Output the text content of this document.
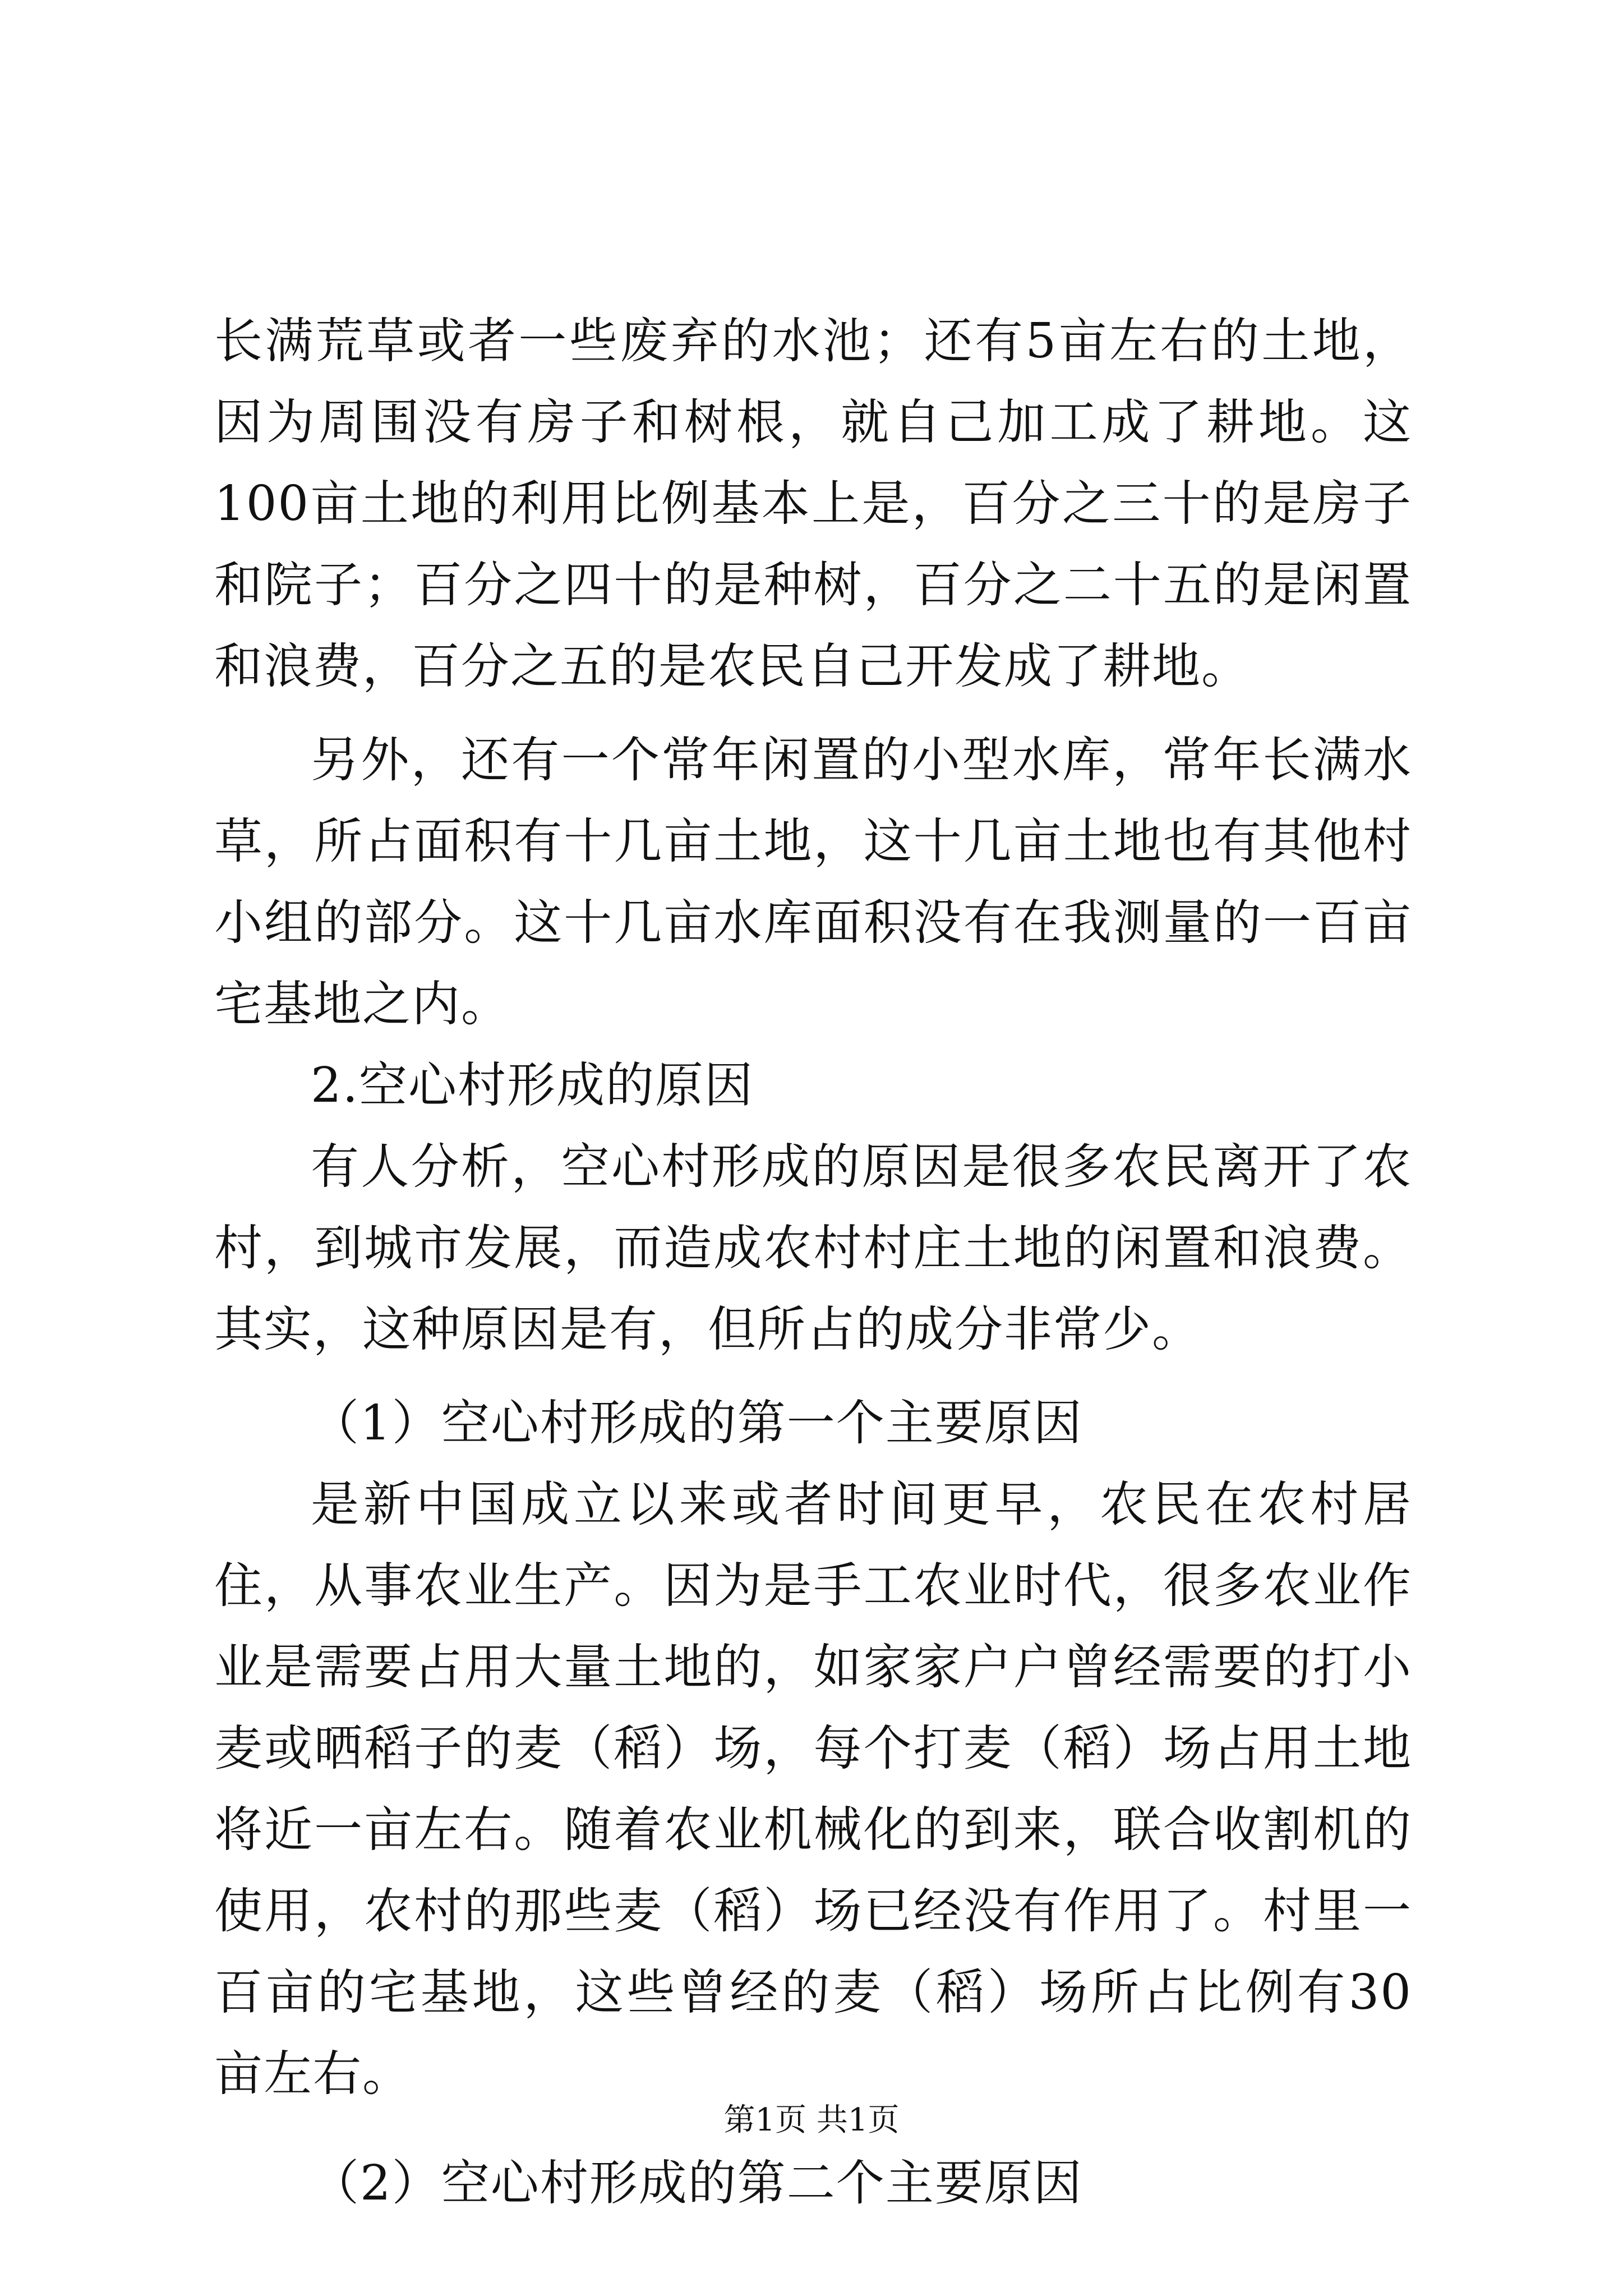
长满荒草或者一些废弃的水池；还有5亩左右的土地，因为周围没有房子和树根，就自己加工成了耕地。这100亩土地的利用比例基本上是，百分之三十的是房子和院子；百分之四十的是种树，百分之二十五的是闲置和浪费，百分之五的是农民自己开发成了耕地。

另外，还有一个常年闲置的小型水库，常年长满水草，所占面积有十几亩土地，这十几亩土地也有其他村小组的部分。这十几亩水库面积没有在我测量的一百亩宅基地之内。

2.空心村形成的原因

有人分析，空心村形成的原因是很多农民离开了农村，到城市发展，而造成农村村庄土地的闲置和浪费。其实，这种原因是有，但所占的成分非常少。

（1）空心村形成的第一个主要原因

是新中国成立以来或者时间更早，农民在农村居住，从事农业生产。因为是手工农业时代，很多农业作业是需要占用大量土地的，如家家户户曾经需要的打小麦或晒稻子的麦（稻）场，每个打麦（稻）场占用土地将近一亩左右。随着农业机械化的到来，联合收割机的使用，农村的那些麦（稻）场已经没有作用了。村里一百亩的宅基地，这些曾经的麦（稻）场所占比例有30亩左右。

（2）空心村形成的第二个主要原因

第1页 共1页
